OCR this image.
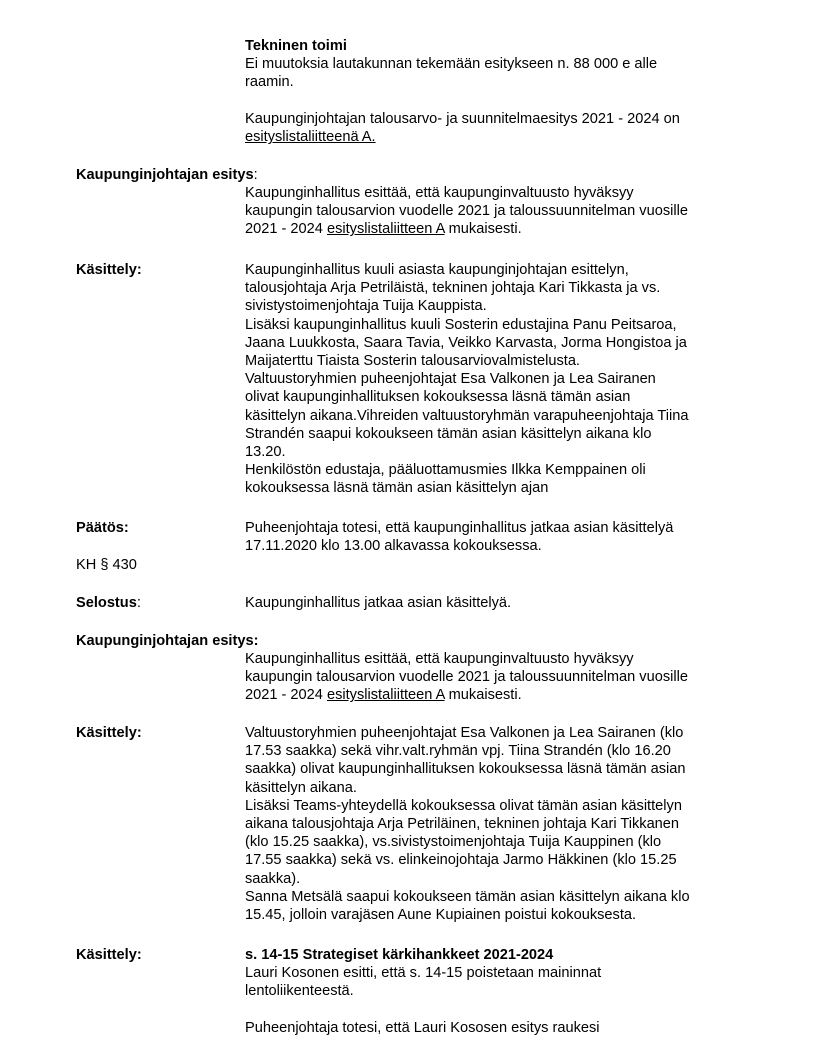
Tekninen toimi
Ei muutoksia lautakunnan tekemään esitykseen n. 88 000 e alle
raamin.
Kaupunginjohtajan talousarvo- ja suunnitelmaesitys 2021 - 2024 on
esityslistaliitteenä A.
Kaupunginjohtajan esitys:
Kaupunginhallitus esittää, että kaupunginvaltuusto hyväksyy
kaupungin talousarvion vuodelle 2021 ja taloussuunnitelman vuosille
2021 - 2024 esityslistaliitteen A mukaisesti.
Käsittely:	Kaupunginhallitus kuuli asiasta kaupunginjohtajan esittelyn,
talousjohtaja Arja Petriläistä, tekninen johtaja Kari Tikkasta ja vs.
sivistystoimenjohtaja Tuija Kauppista.
Lisäksi kaupunginhallitus kuuli Sosterin edustajina Panu Peitsaroa,
Jaana Luukkosta, Saara Tavia, Veikko Karvasta, Jorma Hongistoa ja
Maijaterttu Tiaista Sosterin talousarviovalmistelusta.
Valtuustoryhmien puheenjohtajat Esa Valkonen ja Lea Sairanen
olivat kaupunginhallituksen kokouksessa läsnä tämän asian
käsittelyn aikana.Vihreiden valtuustoryhmän varapuheenjohtaja Tiina
Strandén saapui kokoukseen tämän asian käsittelyn aikana klo
13.20.
Henkilöstön edustaja, pääluottamusmies Ilkka Kemppainen oli
kokouksessa läsnä tämän asian käsittelyn ajan
Päätös:	Puheenjohtaja totesi, että kaupunginhallitus jatkaa asian käsittelyä
17.11.2020 klo 13.00 alkavassa kokouksessa.
KH § 430
Selostus:	Kaupunginhallitus jatkaa asian käsittelyä.
Kaupunginjohtajan esitys:
Kaupunginhallitus esittää, että kaupunginvaltuusto hyväksyy
kaupungin talousarvion vuodelle 2021 ja taloussuunnitelman vuosille
2021 - 2024 esityslistaliitteen A mukaisesti.
Käsittely:	Valtuustoryhmien puheenjohtajat Esa Valkonen ja Lea Sairanen (klo
17.53 saakka) sekä vihr.valt.ryhmän vpj. Tiina Strandén (klo 16.20
saakka) olivat kaupunginhallituksen kokouksessa läsnä tämän asian
käsittelyn aikana.
Lisäksi Teams-yhteydellä kokouksessa olivat tämän asian käsittelyn
aikana talousjohtaja Arja Petriläinen, tekninen johtaja Kari Tikkanen
(klo 15.25 saakka), vs.sivistystoimenjohtaja Tuija Kauppinen (klo
17.55 saakka) sekä vs. elinkeinojohtaja Jarmo Häkkinen (klo 15.25
saakka).
Sanna Metsälä saapui kokoukseen tämän asian käsittelyn aikana klo
15.45, jolloin varajäsen Aune Kupiainen poistui kokouksesta.
Käsittely:	s. 14-15 Strategiset kärkihankkeet 2021-2024
Lauri Kosonen esitti, että s. 14-15 poistetaan maininnat
lentoliikenteestä.
Puheenjohtaja totesi, että Lauri Kososen esitys raukesi
